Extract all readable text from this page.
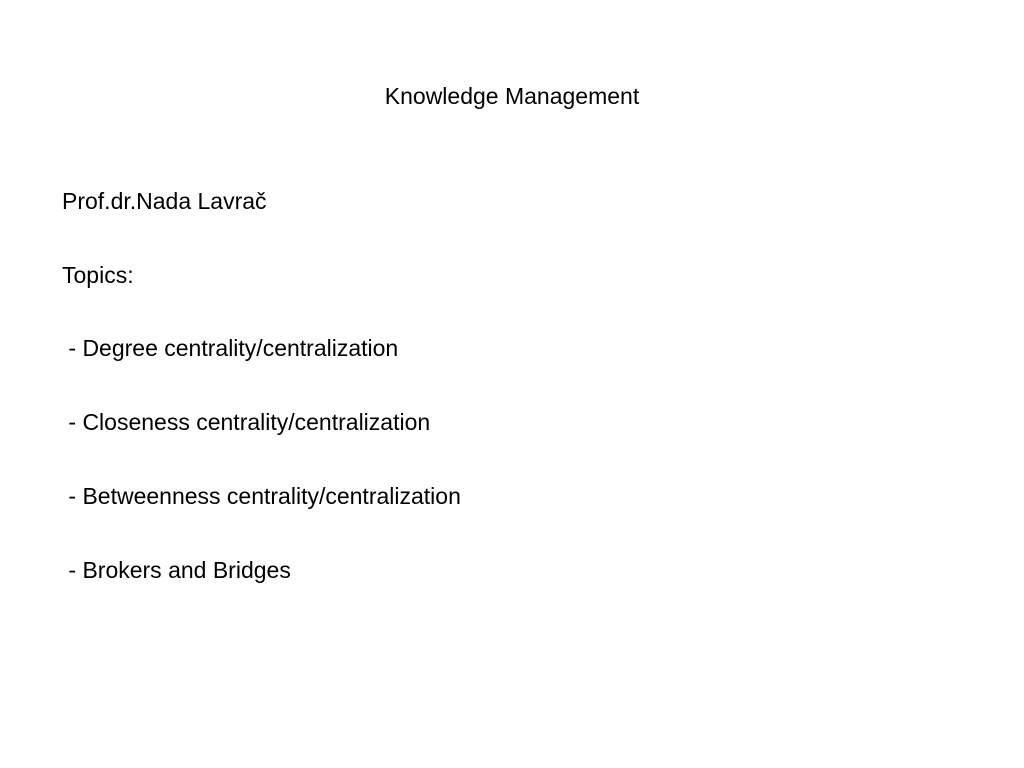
Knowledge Management
Prof.dr.Nada Lavrač
Topics:
- Degree centrality/centralization
- Closeness centrality/centralization
- Betweenness centrality/centralization
- Brokers and Bridges
